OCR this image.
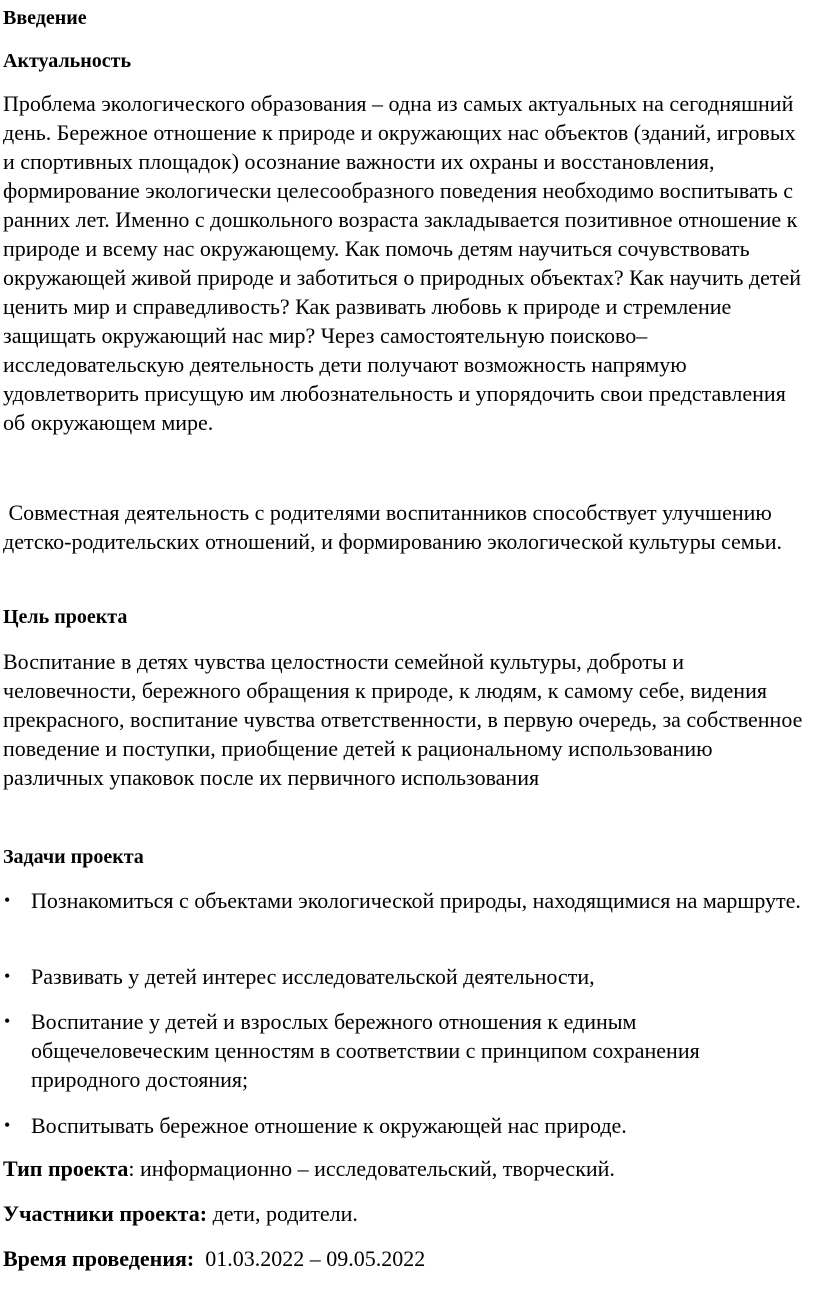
Введение
Актуальность
Проблема экологического образования – одна из самых актуальных на сегодняшний день. Бережное отношение к природе и окружающих нас объектов (зданий, игровых и спортивных площадок) осознание важности их охраны и восстановления, формирование экологически целесообразного поведения необходимо воспитывать с ранних лет. Именно с дошкольного возраста закладывается позитивное отношение к природе и всему нас окружающему. Как помочь детям научиться сочувствовать окружающей живой природе и заботиться о природных объектах? Как научить детей ценить мир и справедливость? Как развивать любовь к природе и стремление защищать окружающий нас мир? Через самостоятельную поисково–исследовательскую деятельность дети получают возможность напрямую удовлетворить присущую им любознательность и упорядочить свои представления об окружающем мире.
Совместная деятельность с родителями воспитанников способствует улучшению детско-родительских отношений, и формированию экологической культуры семьи.
Цель проекта
Воспитание в детях чувства целостности семейной культуры, доброты и человечности, бережного обращения к природе, к людям, к самому себе, видения прекрасного, воспитание чувства ответственности, в первую очередь, за собственное поведение и поступки, приобщение детей к рациональному использованию различных упаковок после их первичного использования
Задачи проекта
• Познакомиться с объектами экологической природы, находящимися на маршруте.
• Развивать у детей интерес исследовательской деятельности,
• Воспитание у детей и взрослых бережного отношения к единым общечеловеческим ценностям в соответствии с принципом сохранения природного достояния;
• Воспитывать бережное отношение к окружающей нас природе.
Тип проекта: информационно – исследовательский, творческий.
Участники проекта: дети, родители.
Время проведения:  01.03.2022 – 09.05.2022
